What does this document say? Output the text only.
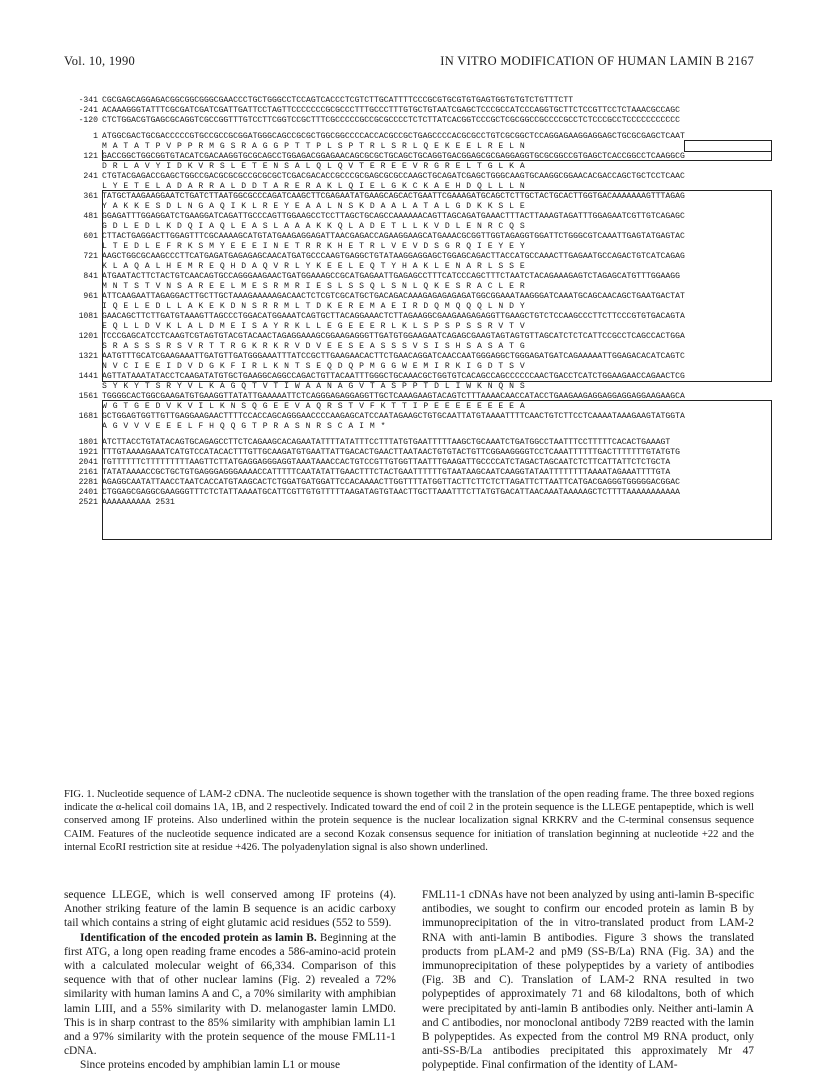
Vol. 10, 1990	IN VITRO MODIFICATION OF HUMAN LAMIN B 2167
-341 CGCGAGCAGGAGACGGCGGCGGGCGAACCCTGCTGGGCCTCCAGTCACCCTCGTCTTGCATTTTCCCGCGTGCGTGTGAGTGGTGTGTCTGTTTCTT
-241 ACAAAGGGTATTTCGCGATCGATCGATTGATTCCTAGTTCCCCCCCGCGCCCTTTGCCCTTTGTGCTGTAATCGAGCTCCCGCCATCCCAGGTGCTTCTCCGTTCCTCTAAACGCCAGC
-120 CTCTGGACGTGAGCGCAGGTCGCCGGTTTGTCCTTCGGTCCGCTTTCGCCCCCGCCGCGCCCCTCTCTTATCACGGTCCCGCTCGCGGCCGCCCCGCCTCTCCCGCCTCCCCCCCCCCC
1 ATGGCGACTGCGACCCCCGTGCCGCCGCGGATGGGCAGCCGCGCTGGCGGCCCCACCACGCCGCTGAGCCCCACGCGCCTGTCGCGGCTCCAGGAGAAGGAGGAGCTGCGCGAGCTCAAT
M A T A T P V P P R M G S R A G G P T T P L S P T R L S R L Q E K E E L R E L N
121 GACCGGCTGGCGGTGTACATCGACAAGGTGCGCAGCCTGGAGACGGAGAACAGCGCGCTGCAGCTGCAGGTGACGGAGCGCGAGGAGGTGCGCGGCCGTGAGCTCACCGGCCTCAAGGCG
D R L A V Y I D K V R S L E T E N S A L Q L Q V T E R E E V R G R E L T G L K A
241 CTGTACGAGACCGAGCTGGCCGACGCGCGCCGCGCGCTCGACGACACCGCCCGCGAGCGCGCCAAGCTGCAGATCGAGCTGGGCAAGTGCAAGGCGGAACACGACCAGCTGCTCCTCAAC
L Y E T E L A D A R R A L D D T A R E R A K L Q I E L G K C K A E H D Q L L L N
361 TATGCTAAGAAGGAATCTGATCTTAATGGCGCCCAGATCAAGCTTCGAGAATATGAAGCAGCACTGAATTCGAAAGATGCAGCTCTTGCTACTGCACTTGGTGACAAAAAAAGTTTAGAG
Y A K K E S D L N G A Q I K L R E Y E A A L N S K D A A L A T A L G D K K S L E
481 GGAGATTTGGAGGATCTGAAGGATCAGATTGCCCAGTTGGAAGCCTCCTTAGCTGCAGCCAAAAAACAGTTAGCAGATGAAACTTTACTTAAAGTAGATTTGGAGAATCGTTGTCAGAGC
G D L E D L K D Q I A Q L E A S L A A A K K Q L A D E T L L K V D L E N R C Q S
601 CTTACTGAGGACTTGGAGTTTCGCAAAAGCATGTATGAAGAGGAGATTAACGAGACCAGAAGGAAGCATGAAACGCGGTTGGTAGAGGTGGATTCTGGGCGTCAAATTGAGTATGAGTAC
L T E D L E F R K S M Y E E E I N E T R R K H E T R L V E V D S G R Q I E Y E Y
721 AAGCTGGCGCAAGCCCTTCATGAGATGAGAGAGCAACATGATGCCCAAGTGAGGCTGTATAAGGAGGAGCTGGAGCAGACTTACCATGCCAAACTTGAGAATGCCAGACTGTCATCAGAG
K L A Q A L H E M R E Q H D A Q V R L Y K E E L E Q T Y H A K L E N A R L S S E
841 ATGAATACTTCTACTGTCAACAGTGCCAGGGAAGAACTGATGGAAAGCCGCATGAGAATTGAGAGCCTTTCATCCCAGCTTTCTAATCTACAGAAAGAGTCTAGAGCATGTTTGGAAGG
M N T S T V N S A R E E L M E S R M R I E S L S S Q L S N L Q K E S R A C L E R
961 ATTCAAGAATTAGAGGACTTGCTTGCTAAAGAAAAAGACAACTCTCGTCGCATGCTGACAGACAAAGAGAGAGAGATGGCGGAAATAAGGGATCAAATGCAGCAACAGCTGAATGACTAT
I Q E L E D L L A K E K D N S R R M L T D K E R E M A E I R D Q M Q Q Q L N D Y
1081 GAACAGCTTCTTGATGTAAAGTTAGCCCTGGACATGGAAATCAGTGCTTACAGGAAACTCTTAGAAGGCGAAGAAGAGAGGTTGAAGCTGTCTCCAAGCCCTTCTTCCCGTGTGACAGTA
E Q L L D V K L A L D M E I S A Y R K L L E G E E E R L K L S P S P S S R V T V
1201 TCCCGAGCATCCTCAAGTCGTAGTGTACGTACAACTAGAGGAAAGCGGAAGAGGGTTGATGTGGAAGAATCAGAGCGAAGTAGTAGTGTTAGCATCTCTCATTCCGCCTCAGCCACTGGA
S R A S S S R S V R T T R G K R K R V D V E E S E A S S S V S I S H S A S A T G
1321 AATGTTTGCATCGAAGAAATTGATGTTGATGGGAAATTTATCCGCTTGAAGAACACTTCTGAACAGGATCAACCAATGGGAGGCTGGGAGATGATCAGAAAAATTGGAGACACATCAGTC
N V C I E E I D V D G K F I R L K N T S E Q D Q P M G G W E M I R K I G D T S V
1441 AGTTATAAATATACCTCAAGATATGTGCTGAAGGCAGGCCAGACTGTTACAATTTGGGCTGCAAACGCTGGTGTCACAGCCAGCCCCCCAACTGACCTCATCTGGAAGAACCAGAACTCG
S Y K Y T S R Y V L K A G Q T V T I W A A N A G V T A S P P T D L I W K N Q N S
1561 TGGGGCACTGGCGAAGATGTGAAGGTTATATTGAAAAATTCTCAGGGAGAGGAGGTTGCTCAAAGAAGTACAGTCTTTAAAACAACCATACCTGAAGAAGAGGAGGAGGAGGAAGAAGCA
W G T G E D V K V I L K N S Q G E E V A Q R S T V F K T T I P E E E E E E E E A
1681 GCTGGAGTGGTTGTTGAGGAAGAACTTTTCCACCAGCAGGGAACCCCAAGAGCATCCAATAGAAGCTGTGCAATTATGTAAAATTTTCAACTGTCTTCCTCAAAATAAAGAAGTATGGTA
A G V V V E E E L F H Q Q G T P R A S N R S C A I M *
1801 ATCTTACCTGTATACAGTGCAGAGCCTTCTCAGAAGCACAGAATATTTTATATTTCCTTTATGTGAATTTTTAAGCTGCAAATCTGATGGCCTAATTTCCTTTTTCACACTGAAAGT
1921 TTTGTAAAAGAAATCATGTCCATACACTTTGTTGCAAGATGTGAATTATTGACACTGAACTTAATAACTGTGTACTGTTCGGAAGGGGTCCTCAAATTTTTTGACTTTTTTTGTATGTG
2041 TGTTTTTTCTTTTTTTTTAAGTTCTTATGAGGAGGGAGGTAAATAAACCACTGTCCGTTGTGGTTAATTTGAAGATTGCCCCATCTAGACTAGCAATCTCTTCATTATTCTCTGCTA
2161 TATATAAAACCGCTGCTGTGAGGGAGGGAAAACCATTTTTCAATATATTGAACTTTCTACTGAATTTTTTGTAATAAGCAATCAAGGTATAATTTTTTTTAAAATAGAAATTTTGTA
2281 AGAGGCAATATTAACCTAATCACCATGTAAGCACTCTGGATGATGGATTCCACAAAACTTGGTTTTATGGTTACTTCTTCTCTTAGATTCTTAATTCATGACGAGGGTGGGGGACGGAC
2401 CTGGAGCGAGGCGAAGGGTTTCTCTATTAAAATGCATTCGTTGTGTTTTTAAGATAGTGTAACTTGCTTAAATTTCTTATGTGACATTAACAAATAAAAAGCTCTTTTAAAAAAAAAAA
2521 AAAAAAAAAA 2531
FIG. 1. Nucleotide sequence of LAM-2 cDNA. The nucleotide sequence is shown together with the translation of the open reading frame. The three boxed regions indicate the α-helical coil domains 1A, 1B, and 2 respectively. Indicated toward the end of coil 2 in the protein sequence is the LLEGE pentapeptide, which is well conserved among IF proteins. Also underlined within the protein sequence is the nuclear localization signal KRKRV and the C-terminal consensus sequence CAIM. Features of the nucleotide sequence indicated are a second Kozak consensus sequence for initiation of translation beginning at nucleotide +22 and the internal EcoRI restriction site at residue +426. The polyadenylation signal is also shown underlined.

sequence LLEGE, which is well conserved among IF proteins (4). Another striking feature of the lamin B sequence is an acidic carboxy tail which contains a string of eight glutamic acid residues (552 to 559).

Identification of the encoded protein as lamin B. Beginning at the first ATG, a long open reading frame encodes a 586-amino-acid protein with a calculated molecular weight of 66,334. Comparison of this sequence with that of other nuclear lamins (Fig. 2) revealed a 72% similarity with human lamins A and C, a 70% similarity with amphibian lamin LIII, and a 55% similarity with D. melanogaster lamin LMD0. This is in sharp contrast to the 85% similarity with amphibian lamin L1 and a 97% similarity with the protein sequence of the mouse FML11-1 cDNA.

Since proteins encoded by amphibian lamin L1 or mouse

FML11-1 cDNAs have not been analyzed by using anti-lamin B-specific antibodies, we sought to confirm our encoded protein as lamin B by immunoprecipitation of the in vitro-translated product from LAM-2 RNA with anti-lamin B antibodies. Figure 3 shows the translated products from pLAM-2 and pM9 (SS-B/La) RNA (Fig. 3A) and the immunoprecipitation of these polypeptides by a variety of antibodies (Fig. 3B and C). Translation of LAM-2 RNA resulted in two polypeptides of approximately 71 and 68 kilodaltons, both of which were precipitated by anti-lamin B antibodies only. Neither anti-lamin A and C antibodies, nor monoclonal antibody 72B9 reacted with the lamin B polypeptides. As expected from the control M9 RNA product, only anti-SS-B/La antibodies precipitated this approximately Mr 47 polypeptide. Final confirmation of the identity of LAM-
